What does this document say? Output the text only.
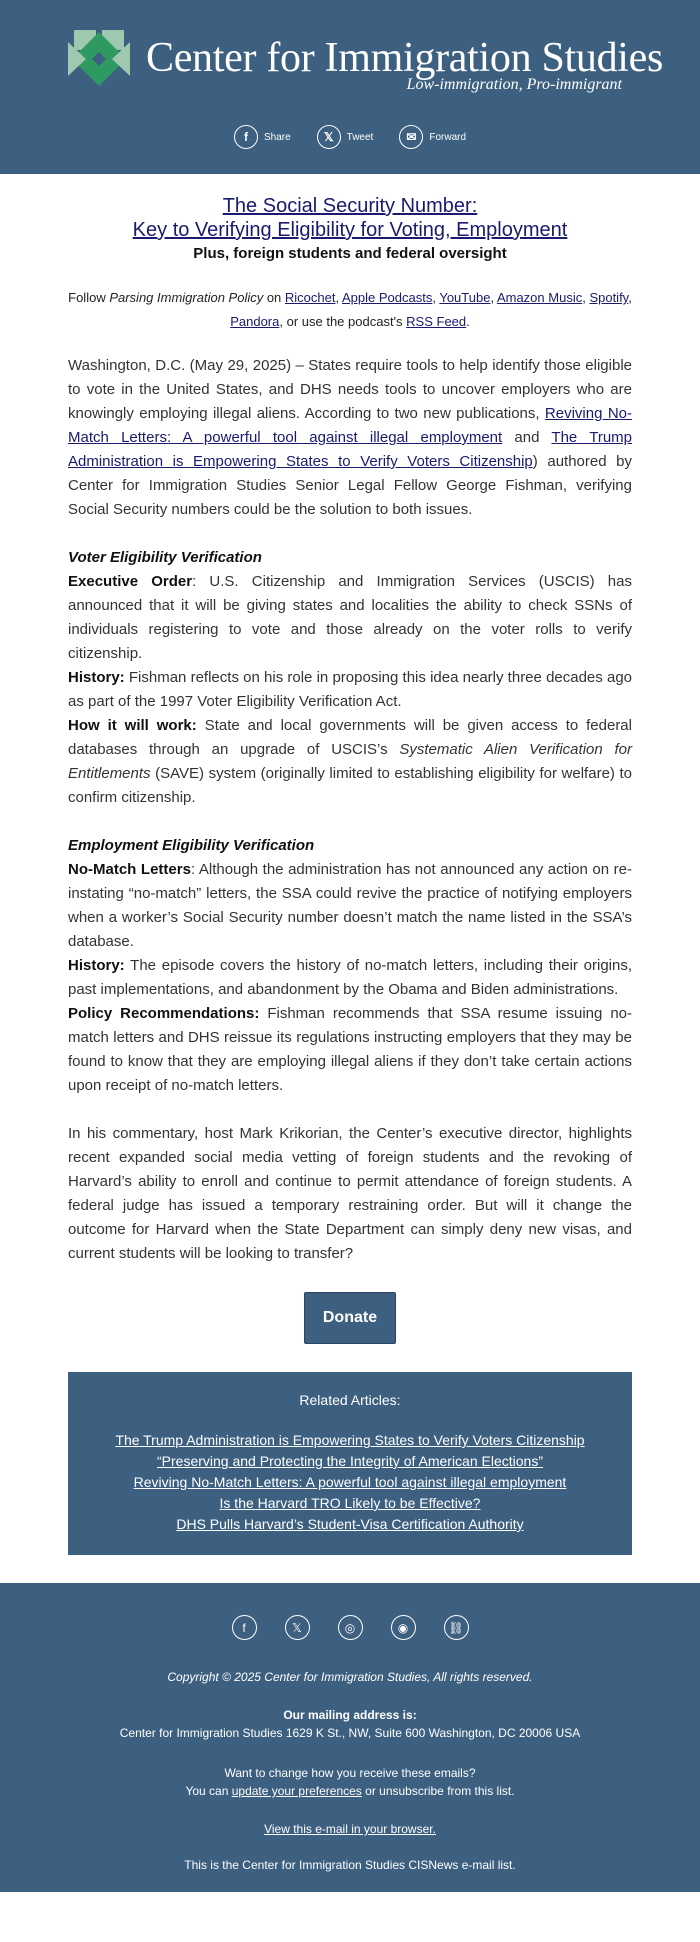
Center for Immigration Studies
Low-immigration, Pro-immigrant
f	Share	𝕏	Tweet	✉	Forward
The Social Security Number:
Key to Verifying Eligibility for Voting, Employment
Plus, foreign students and federal oversight
Follow Parsing Immigration Policy on Ricochet, Apple Podcasts, YouTube, Amazon Music, Spotify, Pandora, or use the podcast's RSS Feed.

Washington, D.C. (May 29, 2025) – States require tools to help identify those eligible to vote in the United States, and DHS needs tools to uncover employers who are knowingly employing illegal aliens. According to two new publications, Reviving No-Match Letters: A powerful tool against illegal employment and The Trump Administration is Empowering States to Verify Voters Citizenship) authored by Center for Immigration Studies Senior Legal Fellow George Fishman, verifying Social Security numbers could be the solution to both issues.

Voter Eligibility Verification

Executive Order: U.S. Citizenship and Immigration Services (USCIS) has announced that it will be giving states and localities the ability to check SSNs of individuals registering to vote and those already on the voter rolls to verify citizenship.

History: Fishman reflects on his role in proposing this idea nearly three decades ago as part of the 1997 Voter Eligibility Verification Act.

How it will work: State and local governments will be given access to federal databases through an upgrade of USCIS’s Systematic Alien Verification for Entitlements (SAVE) system (originally limited to establishing eligibility for welfare) to confirm citizenship.

Employment Eligibility Verification

No-Match Letters: Although the administration has not announced any action on re-instating “no-match” letters, the SSA could revive the practice of notifying employers when a worker’s Social Security number doesn’t match the name listed in the SSA’s database.

History: The episode covers the history of no-match letters, including their origins, past implementations, and abandonment by the Obama and Biden administrations.

Policy Recommendations: Fishman recommends that SSA resume issuing no-match letters and DHS reissue its regulations instructing employers that they may be found to know that they are employing illegal aliens if they don’t take certain actions upon receipt of no-match letters.

In his commentary, host Mark Krikorian, the Center’s executive director, highlights recent expanded social media vetting of foreign students and the revoking of Harvard’s ability to enroll and continue to permit attendance of foreign students. A federal judge has issued a temporary restraining order. But will it change the outcome for Harvard when the State Department can simply deny new visas, and current students will be looking to transfer?

Donate
Related Articles:
The Trump Administration is Empowering States to Verify Voters Citizenship
“Preserving and Protecting the Integrity of American Elections”
Reviving No-Match Letters: A powerful tool against illegal employment
Is the Harvard TRO Likely to be Effective?
DHS Pulls Harvard’s Student-Visa Certification Authority
f	𝕏	◎	◉	⛓
Copyright © 2025 Center for Immigration Studies, All rights reserved.
Our mailing address is:
Center for Immigration Studies 1629 K St., NW, Suite 600 Washington, DC 20006 USA
Want to change how you receive these emails?
You can update your preferences or unsubscribe from this list.
View this e-mail in your browser.
This is the Center for Immigration Studies CISNews e-mail list.
